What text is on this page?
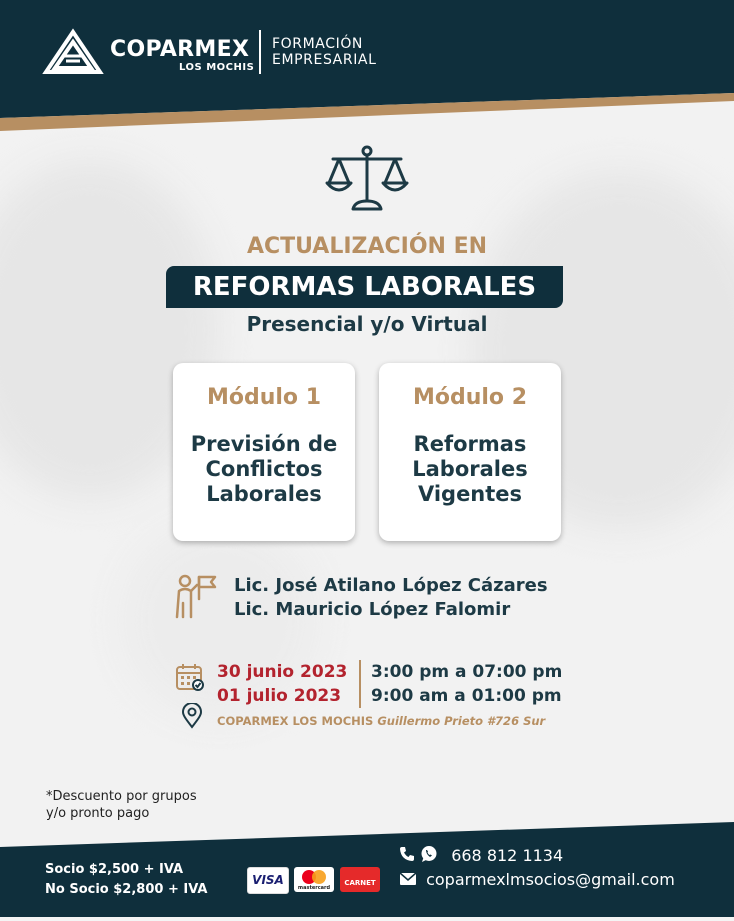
COPARMEX
LOS MOCHIS
FORMACIÓN
EMPRESARIAL
ACTUALIZACIÓN EN
REFORMAS LABORALES
Presencial y/o Virtual
Módulo 1
Previsión de
Conflictos
Laborales
Módulo 2
Reformas
Laborales
Vigentes
Lic. José Atilano López Cázares
Lic. Mauricio López Falomir
30 junio 2023
01 julio 2023
3:00 pm a 07:00 pm
9:00 am a 01:00 pm
COPARMEX LOS MOCHIS Guillermo Prieto #726 Sur
*Descuento por grupos
y/o pronto pago
Socio $2,500 + IVA
No Socio $2,800 + IVA
VISA
mastercard
CARNET
668 812 1134
coparmexlmsocios@gmail.com
